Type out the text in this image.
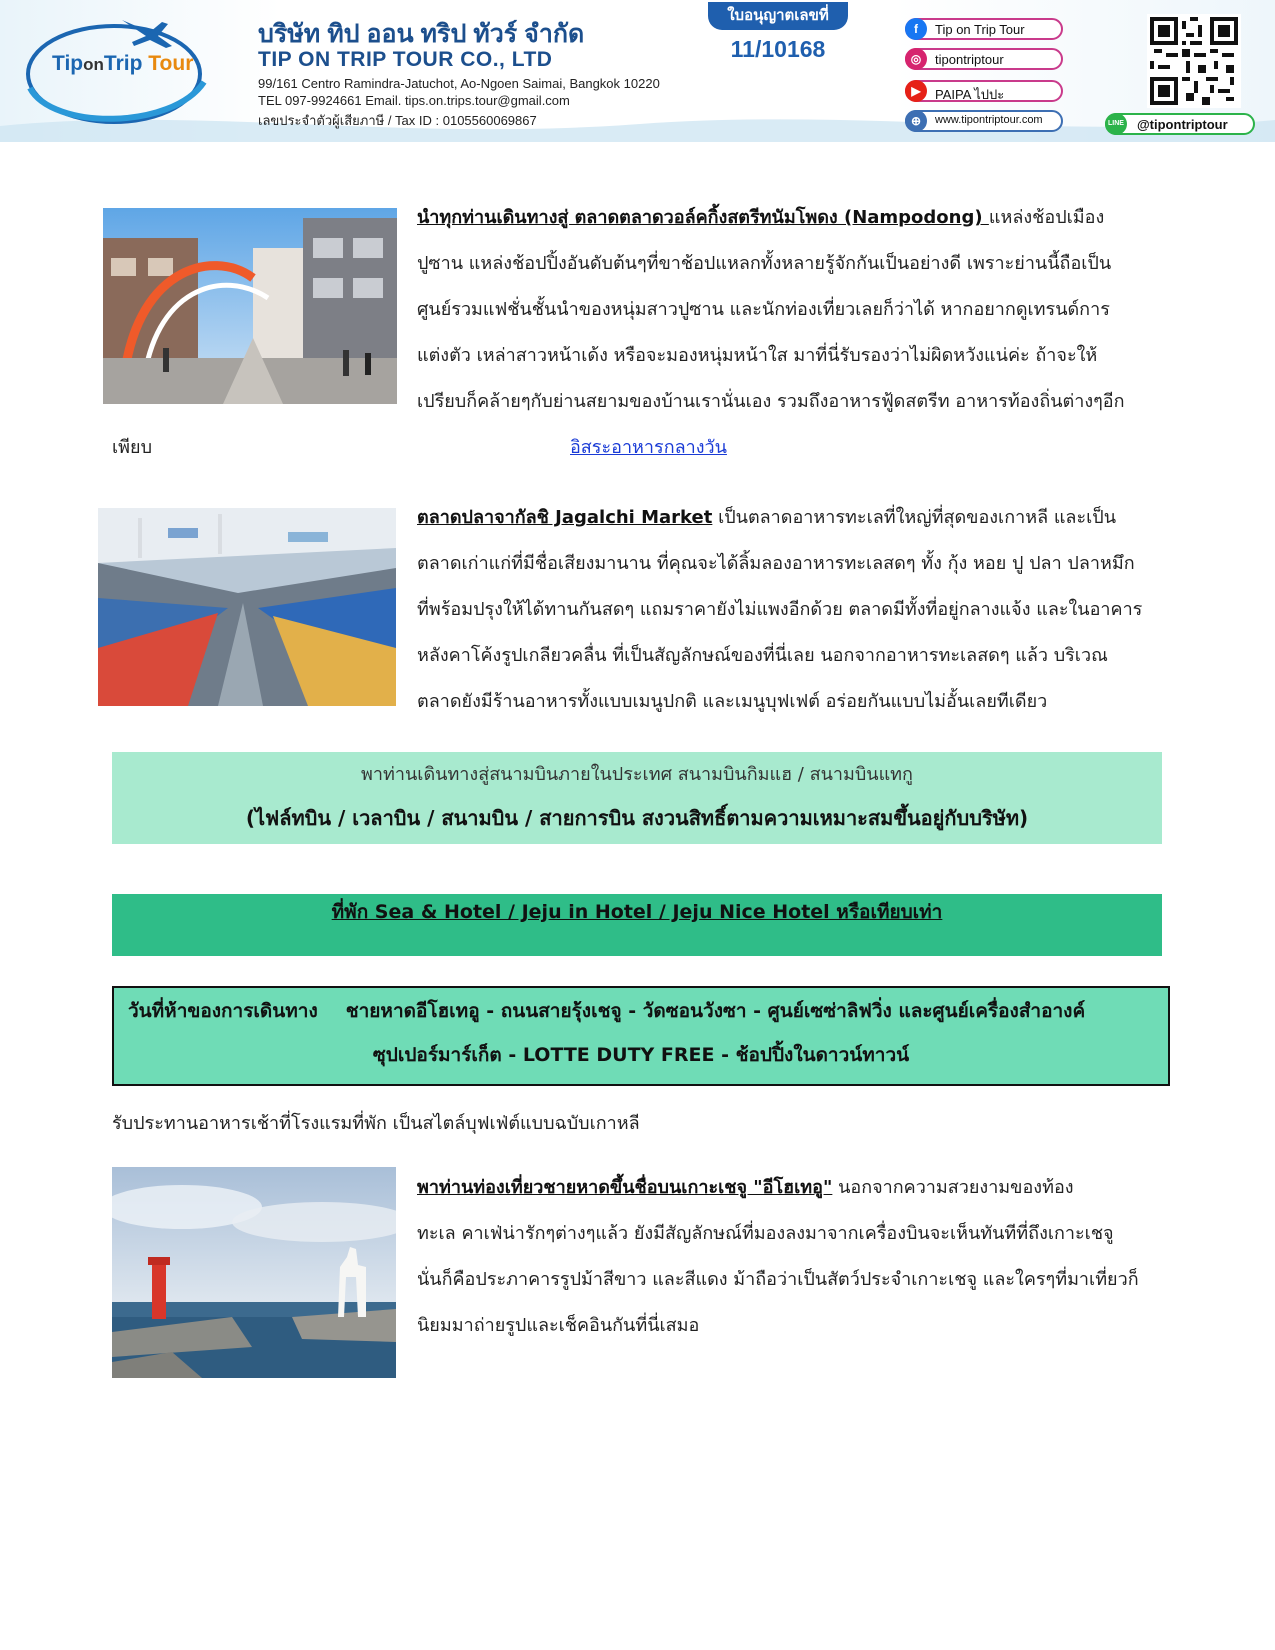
TiponTrip Tour
บริษัท ทิป ออน ทริป ทัวร์ จำกัด
TIP ON TRIP TOUR CO., LTD
99/161 Centro Ramindra-Jatuchot, Ao-Ngoen Saimai, Bangkok 10220
TEL 097-9924661 Email. tips.on.trips.tour@gmail.com
เลขประจำตัวผู้เสียภาษี / Tax ID : 0105560069867
ใบอนุญาตเลขที่
11/10168
f	Tip on Trip Tour
◎	tipontriptour
▶	PAIPA ไปปะ
⊕	www.tipontriptour.com	LINE @tipontriptour
นำทุกท่านเดินทางสู่ ตลาดตลาดวอล์คกิ้งสตรีทนัมโพดง (Nampodong) แหล่งช้อปเมือง
ปูซาน แหล่งช้อปปิ้งอันดับต้นๆที่ขาช้อปแหลกทั้งหลายรู้จักกันเป็นอย่างดี เพราะย่านนี้ถือเป็น
ศูนย์รวมแฟชั่นชั้นนำของหนุ่มสาวปูซาน และนักท่องเที่ยวเลยก็ว่าได้ หากอยากดูเทรนด์การ
แต่งตัว เหล่าสาวหน้าเด้ง หรือจะมองหนุ่มหน้าใส มาที่นี่รับรองว่าไม่ผิดหวังแน่ค่ะ ถ้าจะให้
เปรียบก็คล้ายๆกับย่านสยามของบ้านเรานั่นเอง รวมถึงอาหารฟู้ดสตรีท อาหารท้องถิ่นต่างๆอีก
เพียบ	อิสระอาหารกลางวัน
ตลาดปลาจากัลชิ Jagalchi Market เป็นตลาดอาหารทะเลที่ใหญ่ที่สุดของเกาหลี และเป็น
ตลาดเก่าแก่ที่มีชื่อเสียงมานาน ที่คุณจะได้ลิ้มลองอาหารทะเลสดๆ ทั้ง กุ้ง หอย ปู ปลา ปลาหมึก
ที่พร้อมปรุงให้ได้ทานกันสดๆ แถมราคายังไม่แพงอีกด้วย ตลาดมีทั้งที่อยู่กลางแจ้ง และในอาคาร
หลังคาโค้งรูปเกลียวคลื่น ที่เป็นสัญลักษณ์ของที่นี่เลย นอกจากอาหารทะเลสดๆ แล้ว บริเวณ
ตลาดยังมีร้านอาหารทั้งแบบเมนูปกติ และเมนูบุฟเฟต์ อร่อยกันแบบไม่อั้นเลยทีเดียว
พาท่านเดินทางสู่สนามบินภายในประเทศ สนามบินกิมแฮ / สนามบินแทกู
(ไฟล์ทบิน / เวลาบิน / สนามบิน / สายการบิน สงวนสิทธิ์ตามความเหมาะสมขึ้นอยู่กับบริษัท)
ที่พัก Sea & Hotel / Jeju in Hotel / Jeju Nice Hotel หรือเทียบเท่า
วันที่ห้าของการเดินทาง ชายหาดอีโฮเทอู - ถนนสายรุ้งเชจู - วัดซอนวังซา - ศูนย์เซซ่าลิฟวิ่ง และศูนย์เครื่องสำอางค์
ซุปเปอร์มาร์เก็ต - LOTTE DUTY FREE - ช้อปปิ้งในดาวน์ทาวน์
รับประทานอาหารเช้าที่โรงแรมที่พัก เป็นสไตล์บุฟเฟ่ต์แบบฉบับเกาหลี
พาท่านท่องเที่ยวชายหาดขึ้นชื่อบนเกาะเชจู "อีโฮเทอู" นอกจากความสวยงามของท้อง
ทะเล คาเฟ่น่ารักๆต่างๆแล้ว ยังมีสัญลักษณ์ที่มองลงมาจากเครื่องบินจะเห็นทันทีที่ถึงเกาะเชจู
นั่นก็คือประภาคารรูปม้าสีขาว และสีแดง ม้าถือว่าเป็นสัตว์ประจำเกาะเชจู และใครๆที่มาเที่ยวก็
นิยมมาถ่ายรูปและเช็คอินกันที่นี่เสมอ
